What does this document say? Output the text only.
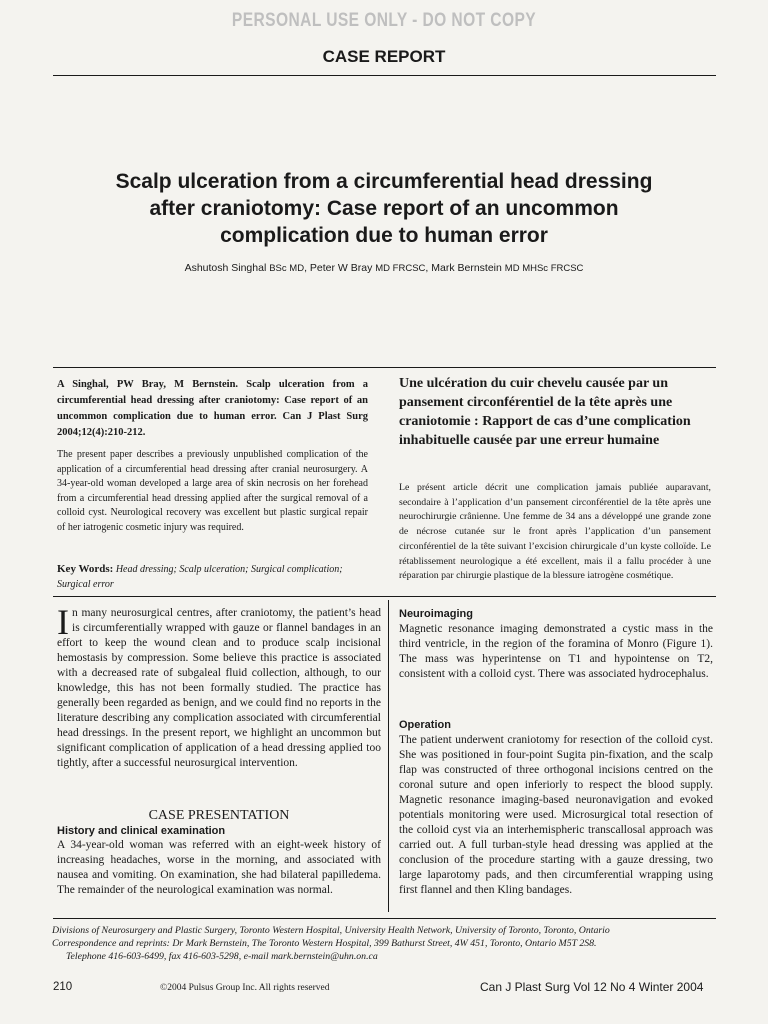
PERSONAL USE ONLY - DO NOT COPY
CASE REPORT
Scalp ulceration from a circumferential head dressing
after craniotomy: Case report of an uncommon
complication due to human error
Ashutosh Singhal BSc MD, Peter W Bray MD FRCSC, Mark Bernstein MD MHSc FRCSC
A Singhal, PW Bray, M Bernstein. Scalp ulceration from a circumferential head dressing after craniotomy: Case report of an uncommon complication due to human error. Can J Plast Surg 2004;12(4):210-212.
The present paper describes a previously unpublished complication of the application of a circumferential head dressing after cranial neurosurgery. A 34-year-old woman developed a large area of skin necrosis on her forehead from a circumferential head dressing applied after the surgical removal of a colloid cyst. Neurological recovery was excellent but plastic surgical repair of her iatrogenic cosmetic injury was required.
Key Words: Head dressing; Scalp ulceration; Surgical complication; Surgical error
Une ulcération du cuir chevelu causée par un pansement circonférentiel de la tête après une craniotomie : Rapport de cas d’une complication inhabituelle causée par une erreur humaine
Le présent article décrit une complication jamais publiée auparavant, secondaire à l’application d’un pansement circonférentiel de la tête après une neurochirurgie crânienne. Une femme de 34 ans a développé une grande zone de nécrose cutanée sur le front après l’application d’un pansement circonférentiel de la tête suivant l’excision chirurgicale d’un kyste colloïde. Le rétablissement neurologique a été excellent, mais il a fallu procéder à une réparation par chirurgie plastique de la blessure iatrogène cosmétique.
In many neurosurgical centres, after craniotomy, the patient’s head is circumferentially wrapped with gauze or flannel bandages in an effort to keep the wound clean and to produce scalp incisional hemostasis by compression. Some believe this practice is associated with a decreased rate of subgaleal fluid collection, although, to our knowledge, this has not been formally studied. The practice has generally been regarded as benign, and we could find no reports in the literature describing any complication associated with circumferential head dressings. In the present report, we highlight an uncommon but significant complication of application of a head dressing applied too tightly, after a successful neurosurgical intervention.
CASE PRESENTATION
History and clinical examination
A 34-year-old woman was referred with an eight-week history of increasing headaches, worse in the morning, and associated with nausea and vomiting. On examination, she had bilateral papilledema. The remainder of the neurological examination was normal.
Neuroimaging
Magnetic resonance imaging demonstrated a cystic mass in the third ventricle, in the region of the foramina of Monro (Figure 1). The mass was hyperintense on T1 and hypointense on T2, consistent with a colloid cyst. There was associated hydrocephalus.
Operation
The patient underwent craniotomy for resection of the colloid cyst. She was positioned in four-point Sugita pin-fixation, and the scalp flap was constructed of three orthogonal incisions centred on the coronal suture and open inferiorly to respect the blood supply. Magnetic resonance imaging-based neuronavigation and evoked potentials monitoring were used. Microsurgical total resection of the colloid cyst via an interhemispheric transcallosal approach was carried out. A full turban-style head dressing was applied at the conclusion of the procedure starting with a gauze dressing, two large laparotomy pads, and then circumferential wrapping using first flannel and then Kling bandages.
Divisions of Neurosurgery and Plastic Surgery, Toronto Western Hospital, University Health Network, University of Toronto, Toronto, Ontario
Correspondence and reprints: Dr Mark Bernstein, The Toronto Western Hospital, 399 Bathurst Street, 4W 451, Toronto, Ontario M5T 2S8.
Telephone 416-603-6499, fax 416-603-5298, e-mail mark.bernstein@uhn.on.ca
210	©2004 Pulsus Group Inc. All rights reserved	Can J Plast Surg Vol 12 No 4 Winter 2004
